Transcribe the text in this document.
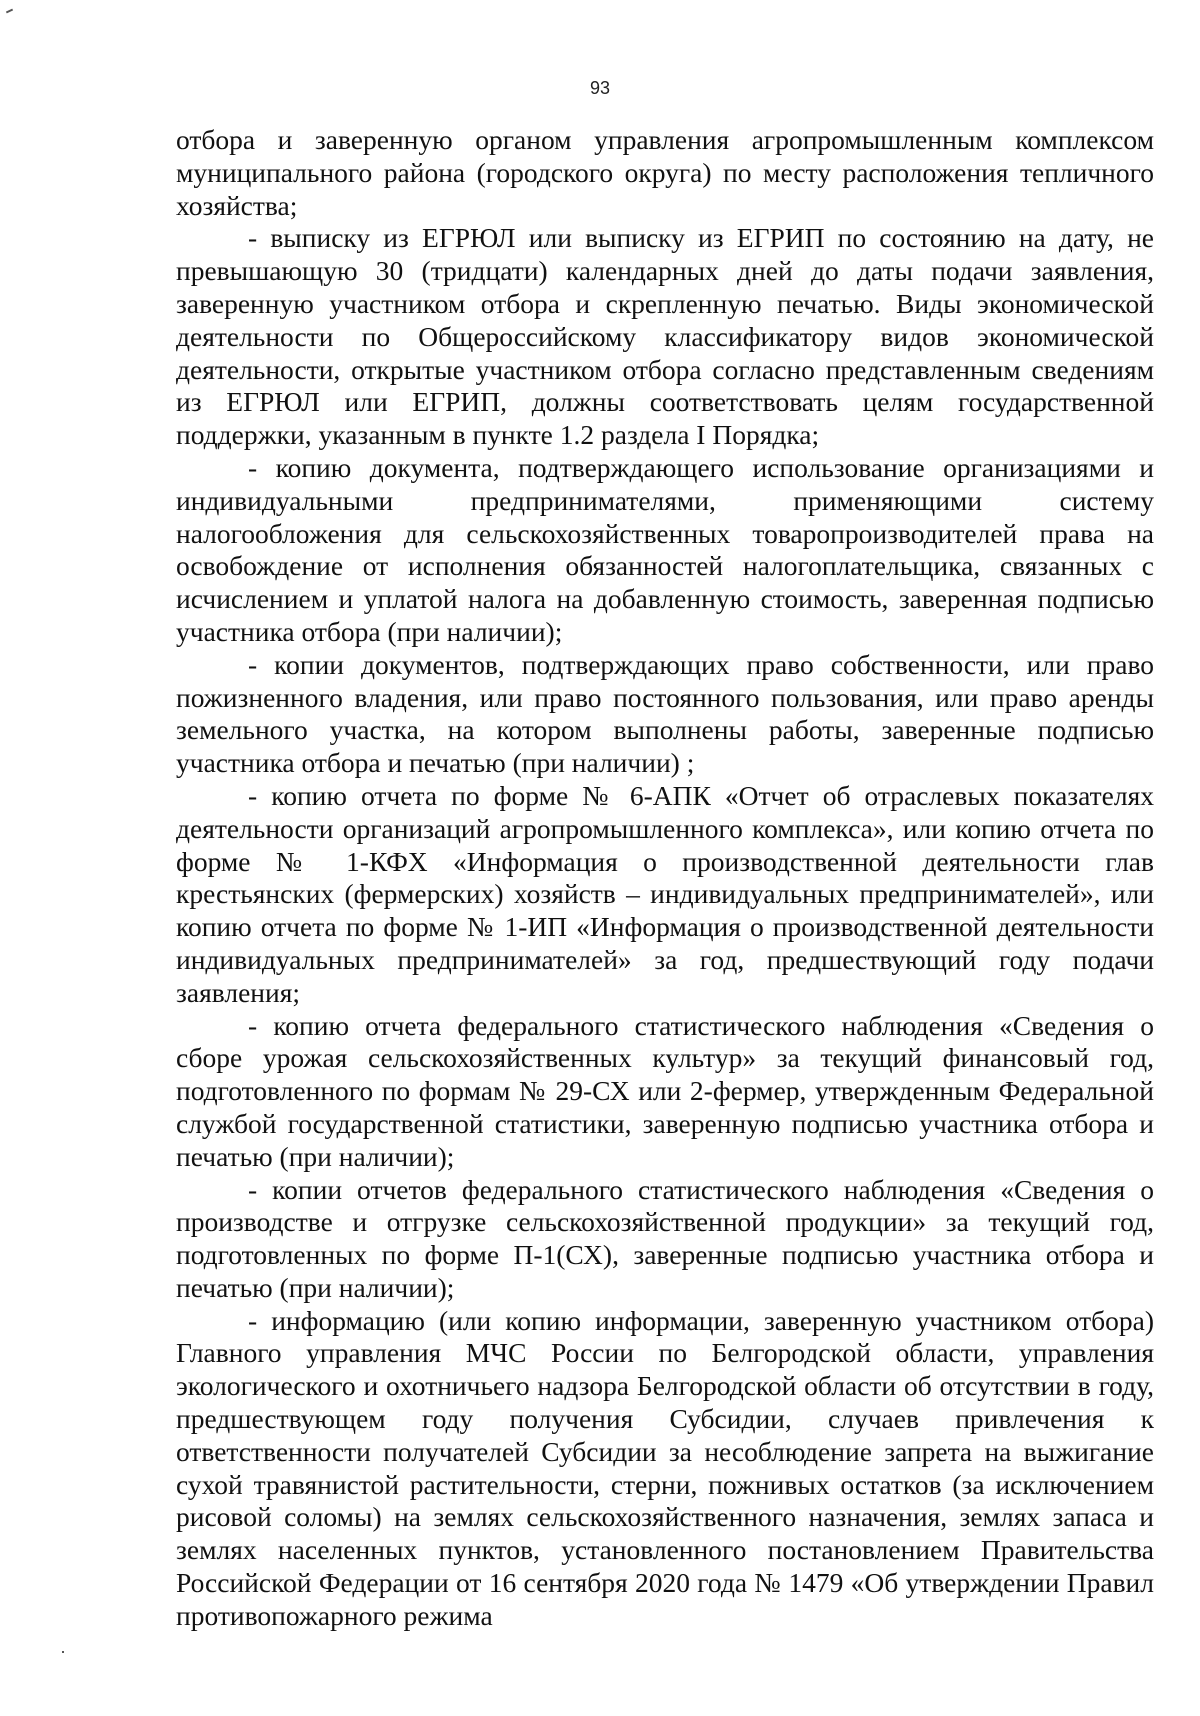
93

отбора и заверенную органом управления агропромышленным комплексом муниципального района (городского округа) по месту расположения тепличного хозяйства;

- выписку из ЕГРЮЛ или выписку из ЕГРИП по состоянию на дату, не превышающую 30 (тридцати) календарных дней до даты подачи заявления, заверенную участником отбора и скрепленную печатью. Виды экономической деятельности по Общероссийскому классификатору видов экономической деятельности, открытые участником отбора согласно представленным сведениям из ЕГРЮЛ или ЕГРИП, должны соответствовать целям государственной поддержки, указанным в пункте 1.2 раздела I Порядка;

- копию документа, подтверждающего использование организациями и индивидуальными предпринимателями, применяющими систему налогообложения для сельскохозяйственных товаропроизводителей права на освобождение от исполнения обязанностей налогоплательщика, связанных с исчислением и уплатой налога на добавленную стоимость, заверенная подписью участника отбора (при наличии);

- копии документов, подтверждающих право собственности, или право пожизненного владения, или право постоянного пользования, или право аренды земельного участка, на котором выполнены работы, заверенные подписью участника отбора и печатью (при наличии) ;

- копию отчета по форме № 6-АПК «Отчет об отраслевых показателях деятельности организаций агропромышленного комплекса», или копию отчета по форме № 1-КФХ «Информация о производственной деятельности глав крестьянских (фермерских) хозяйств – индивидуальных предпринимателей», или копию отчета по форме № 1-ИП «Информация о производственной деятельности индивидуальных предпринимателей» за год, предшествующий году подачи заявления;

- копию отчета федерального статистического наблюдения «Сведения о сборе урожая сельскохозяйственных культур» за текущий финансовый год, подготовленного по формам № 29-СХ или 2-фермер, утвержденным Федеральной службой государственной статистики, заверенную подписью участника отбора и печатью (при наличии);

- копии отчетов федерального статистического наблюдения «Сведения о производстве и отгрузке сельскохозяйственной продукции» за текущий год, подготовленных по форме П-1(СХ), заверенные подписью участника отбора и печатью (при наличии);

- информацию (или копию информации, заверенную участником отбора) Главного управления МЧС России по Белгородской области, управления экологического и охотничьего надзора Белгородской области об отсутствии в году, предшествующем году получения Субсидии, случаев привлечения к ответственности получателей Субсидии за несоблюдение запрета на выжигание сухой травянистой растительности, стерни, пожнивых остатков (за исключением рисовой соломы) на землях сельскохозяйственного назначения, землях запаса и землях населенных пунктов, установленного постановлением Правительства Российской Федерации от 16 сентября 2020 года № 1479 «Об утверждении Правил противопожарного режима
